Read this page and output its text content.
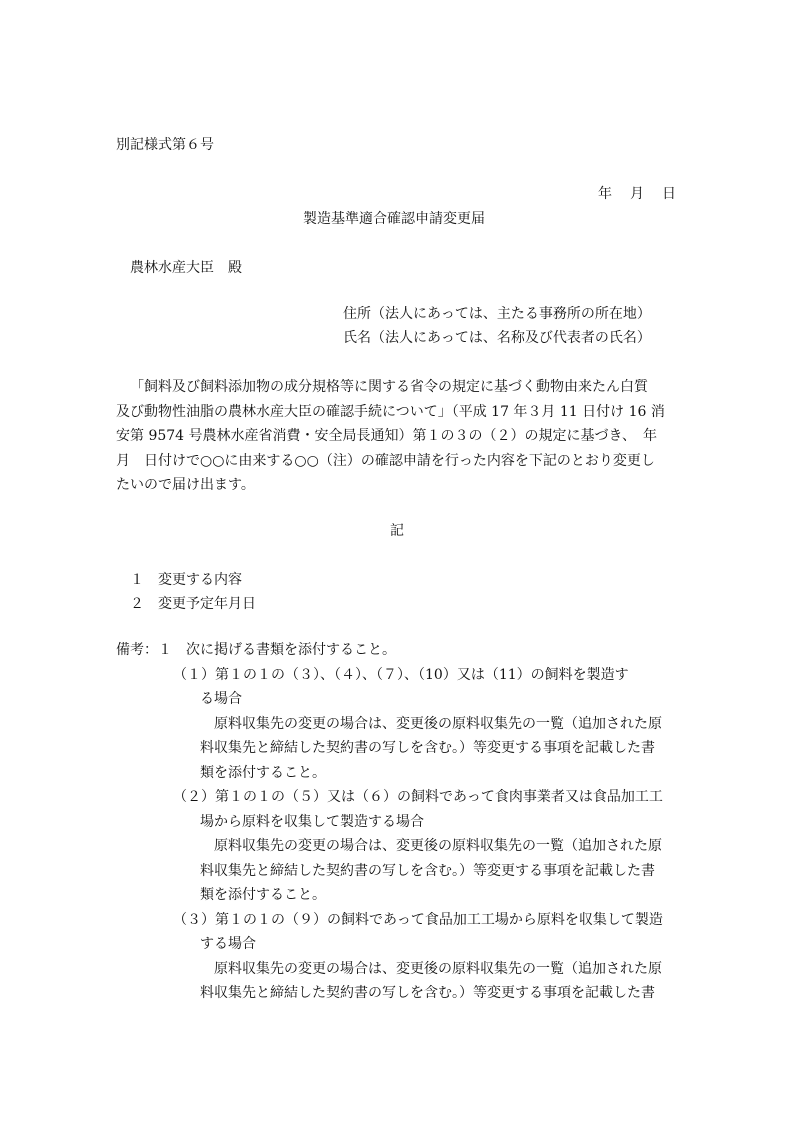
別記様式第６号
年　月　日
製造基準適合確認申請変更届
農林水産大臣　殿
住所（法人にあっては、主たる事務所の所在地）
氏名（法人にあっては、名称及び代表者の氏名）
「飼料及び飼料添加物の成分規格等に関する省令の規定に基づく動物由来たん白質
及び動物性油脂の農林水産大臣の確認手続について」（平成 17 年３月 11 日付け 16 消
安第 9574 号農林水産省消費・安全局長通知）第１の３の（２）の規定に基づき、　年
月　日付けで○○に由来する○○（注）の確認申請を行った内容を下記のとおり変更し
たいので届け出ます。
記
１　変更する内容
２　変更予定年月日
備考：１　次に掲げる書類を添付すること。
（１）第１の１の（３）、（４）、（７）、（10）又は（11）の飼料を製造す
る場合
原料収集先の変更の場合は、変更後の原料収集先の一覧（追加された原
料収集先と締結した契約書の写しを含む。）等変更する事項を記載した書
類を添付すること。
（２）第１の１の（５）又は（６）の飼料であって食肉事業者又は食品加工工
場から原料を収集して製造する場合
原料収集先の変更の場合は、変更後の原料収集先の一覧（追加された原
料収集先と締結した契約書の写しを含む。）等変更する事項を記載した書
類を添付すること。
（３）第１の１の（９）の飼料であって食品加工工場から原料を収集して製造
する場合
原料収集先の変更の場合は、変更後の原料収集先の一覧（追加された原
料収集先と締結した契約書の写しを含む。）等変更する事項を記載した書
